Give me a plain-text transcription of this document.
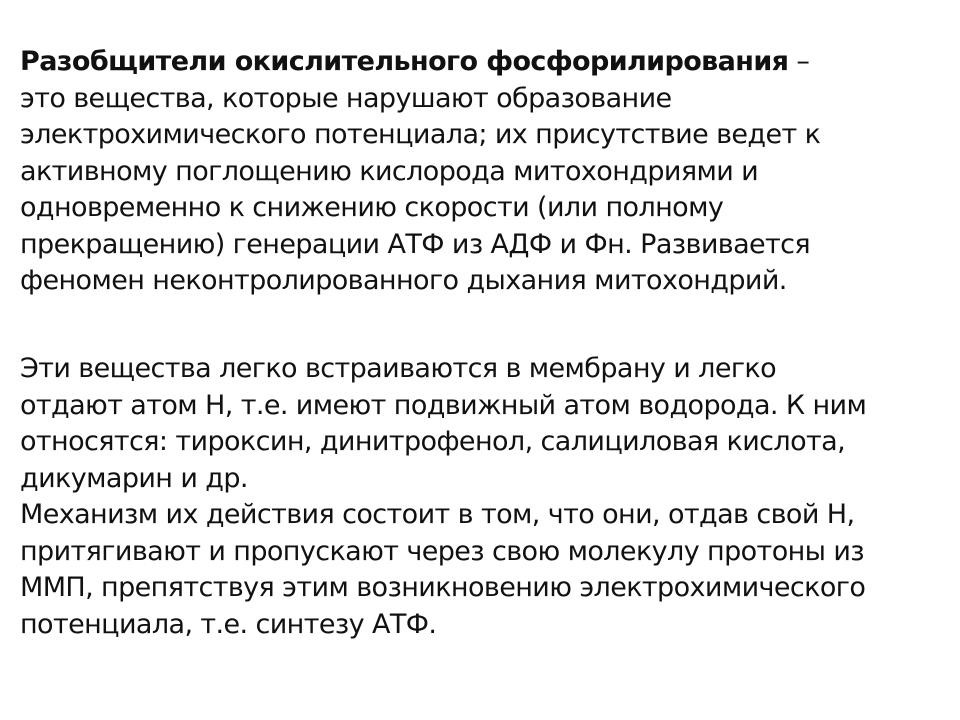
Разобщители окислительного фосфорилирования –
это вещества, которые нарушают образование
электрохимического потенциала; их присутствие ведет к
активному поглощению кислорода митохондриями и
одновременно к снижению скорости (или полному
прекращению) генерации АТФ из АДФ и Фн. Развивается
феномен неконтролированного дыхания митохондрий.
Эти вещества легко встраиваются в мембрану и легко
отдают атом Н, т.е. имеют подвижный атом водорода. К ним
относятся: тироксин, динитрофенол, салициловая кислота,
дикумарин и др.
Механизм их действия состоит в том, что они, отдав свой Н,
притягивают и пропускают через свою молекулу протоны из
ММП, препятствуя этим возникновению электрохимического
потенциала, т.е. синтезу АТФ.
